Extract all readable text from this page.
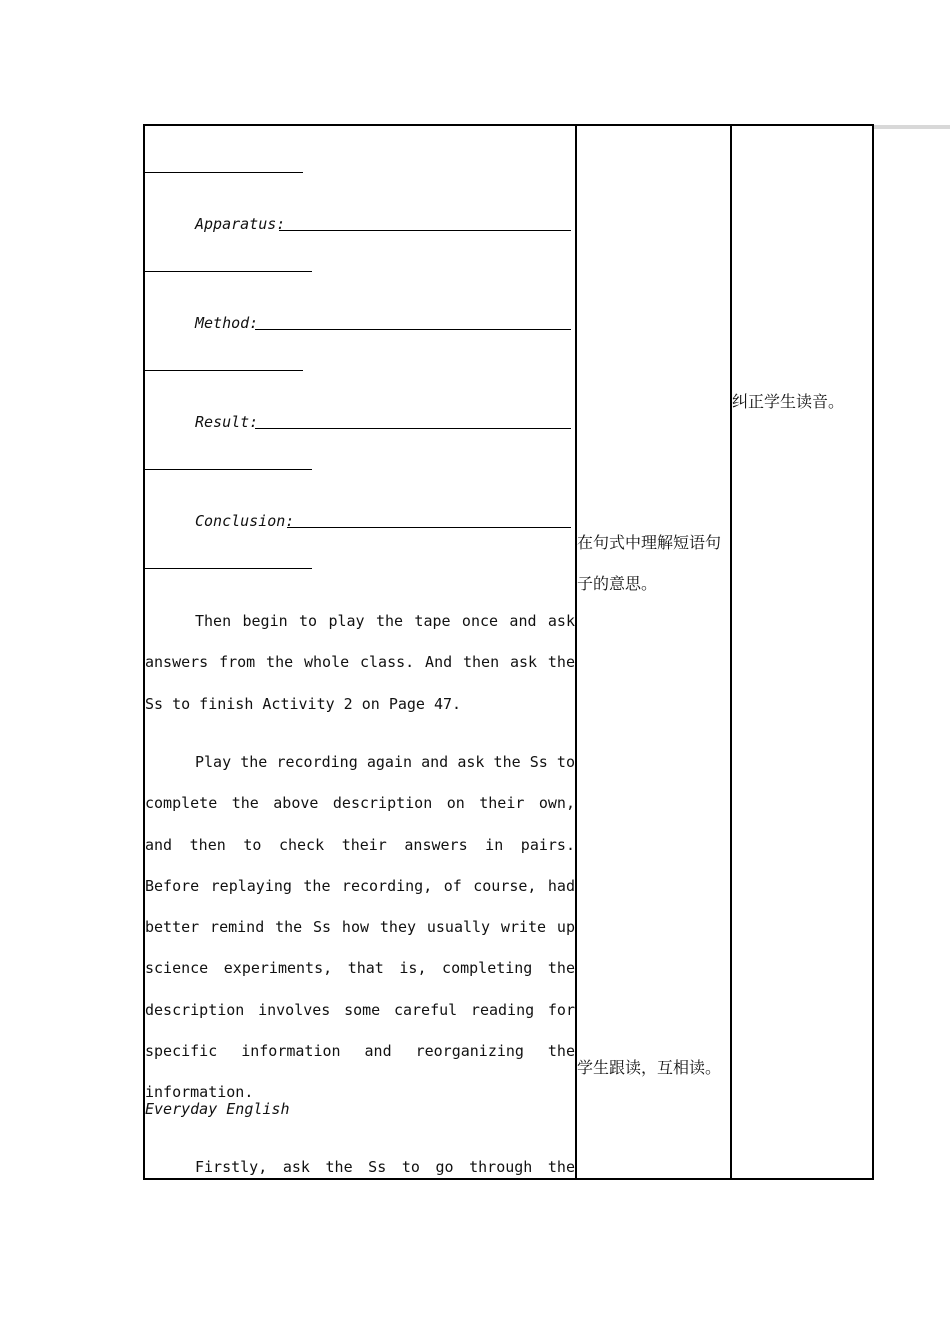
Apparatus:
Method:
Result:
Conclusion:
Then begin to play the tape once and ask answers from the whole class. And then ask the Ss to finish Activity 2 on Page 47.
Play the recording again and ask the Ss to complete the above description on their own, and then to check their answers in pairs. Before replaying the recording, of course, had better remind the Ss how they usually write up science experiments, that is, completing the description involves some careful reading for specific information and reorganizing the information.
Everyday English
Firstly, ask the Ss to go through the
在句式中理解短语句子的意思。
学生跟读，互相读。
纠正学生读音。
